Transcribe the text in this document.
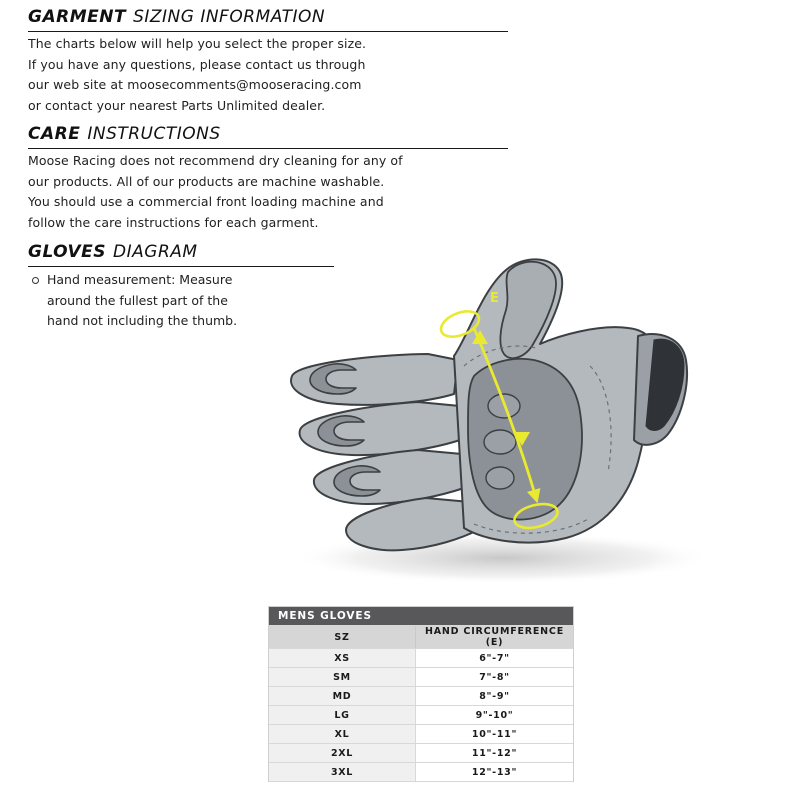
GARMENT SIZING INFORMATION
The charts below will help you select the proper size.
If you have any questions, please contact us through
our web site at moosecomments@mooseracing.com
or contact your nearest Parts Unlimited dealer.
CARE INSTRUCTIONS
Moose Racing does not recommend dry cleaning for any of
our products. All of our products are machine washable.
You should use a commercial front loading machine and
follow the care instructions for each garment.
GLOVES DIAGRAM
Hand measurement: Measure around the fullest part of the hand not including the thumb.
E
MENS GLOVES	
SZ	HAND CIRCUMFERENCE (E)
XS	6"-7"
SM	7"-8"
MD	8"-9"
LG	9"-10"
XL	10"-11"
2XL	11"-12"
3XL	12"-13"
